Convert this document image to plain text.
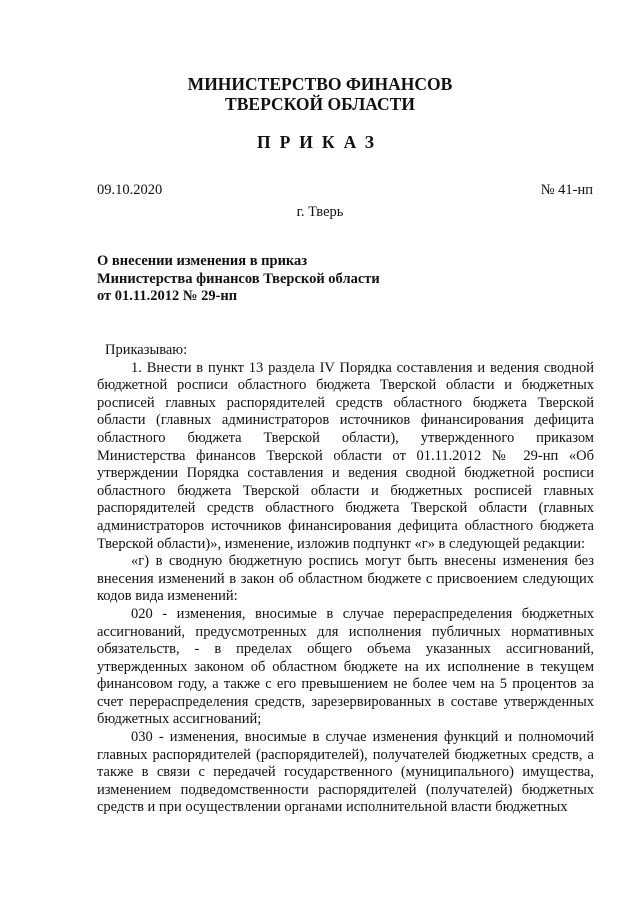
МИНИСТЕРСТВО ФИНАНСОВ
ТВЕРСКОЙ ОБЛАСТИ
ПРИКАЗ
09.10.2020	№ 41-нп
г. Тверь
О внесении изменения в приказ
Министерства финансов Тверской области
от 01.11.2012 № 29-нп

Приказываю:

1. Внести в пункт 13 раздела IV Порядка составления и ведения сводной бюджетной росписи областного бюджета Тверской области и бюджетных росписей главных распорядителей средств областного бюджета Тверской области (главных администраторов источников финансирования дефицита областного бюджета Тверской области), утвержденного приказом Министерства финансов Тверской области от 01.11.2012 № 29-нп «Об утверждении Порядка составления и ведения сводной бюджетной росписи областного бюджета Тверской области и бюджетных росписей главных распорядителей средств областного бюджета Тверской области (главных администраторов источников финансирования дефицита областного бюджета Тверской области)», изменение, изложив подпункт «г» в следующей редакции:

«г) в сводную бюджетную роспись могут быть внесены изменения без внесения изменений в закон об областном бюджете с присвоением следующих кодов вида изменений:

020 - изменения, вносимые в случае перераспределения бюджетных ассигнований, предусмотренных для исполнения публичных нормативных обязательств, - в пределах общего объема указанных ассигнований, утвержденных законом об областном бюджете на их исполнение в текущем финансовом году, а также с его превышением не более чем на 5 процентов за счет перераспределения средств, зарезервированных в составе утвержденных бюджетных ассигнований;

030 - изменения, вносимые в случае изменения функций и полномочий главных распорядителей (распорядителей), получателей бюджетных средств, а также в связи с передачей государственного (муниципального) имущества, изменением подведомственности распорядителей (получателей) бюджетных средств и при осуществлении органами исполнительной власти бюджетных
